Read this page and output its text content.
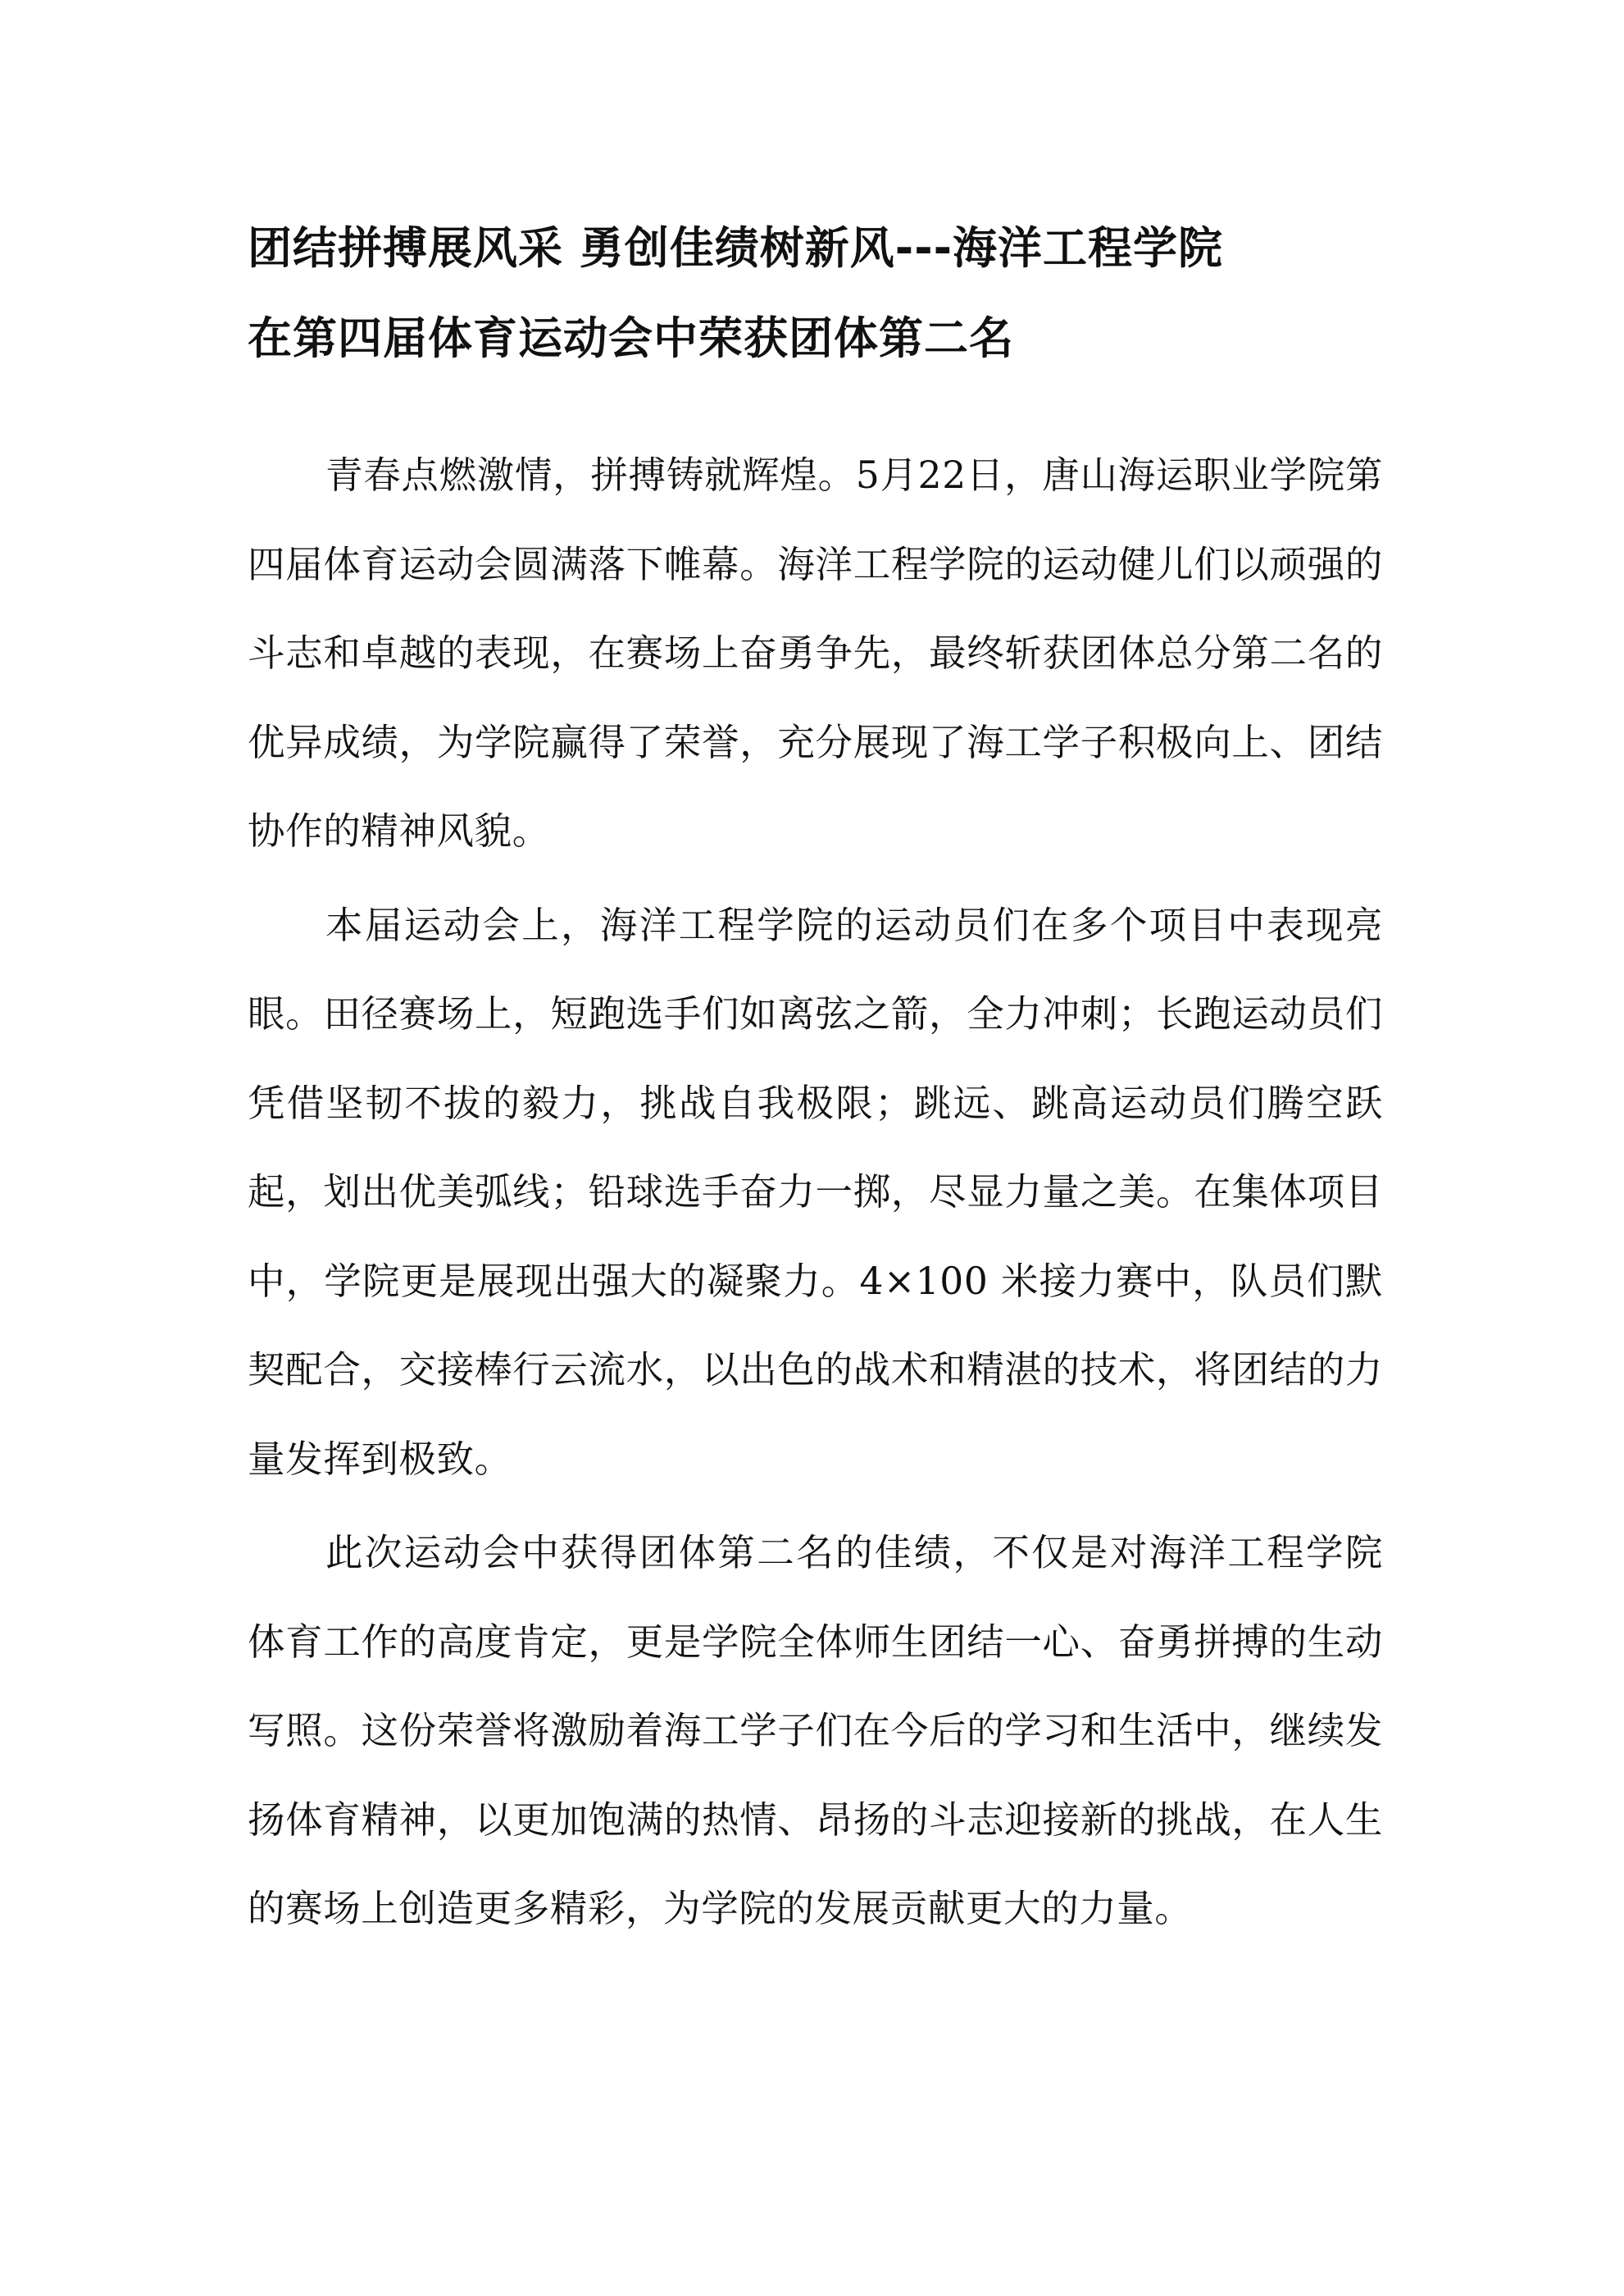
团结拼搏展风采 勇创佳绩树新风---海洋工程学院
在第四届体育运动会中荣获团体第二名

青春点燃激情，拼搏铸就辉煌。5月22日，唐山海运职业学院第四届体育运动会圆满落下帷幕。海洋工程学院的运动健儿们以顽强的斗志和卓越的表现，在赛场上奋勇争先，最终斩获团体总分第二名的优异成绩，为学院赢得了荣誉，充分展现了海工学子积极向上、团结协作的精神风貌。

本届运动会上，海洋工程学院的运动员们在多个项目中表现亮眼。田径赛场上，短跑选手们如离弦之箭，全力冲刺；长跑运动员们凭借坚韧不拔的毅力，挑战自我极限；跳远、跳高运动员们腾空跃起，划出优美弧线；铅球选手奋力一掷，尽显力量之美。在集体项目中，学院更是展现出强大的凝聚力。4×100 米接力赛中，队员们默契配合，交接棒行云流水，以出色的战术和精湛的技术，将团结的力量发挥到极致。

此次运动会中获得团体第二名的佳绩，不仅是对海洋工程学院体育工作的高度肯定，更是学院全体师生团结一心、奋勇拼搏的生动写照。这份荣誉将激励着海工学子们在今后的学习和生活中，继续发扬体育精神，以更加饱满的热情、昂扬的斗志迎接新的挑战，在人生的赛场上创造更多精彩，为学院的发展贡献更大的力量。
